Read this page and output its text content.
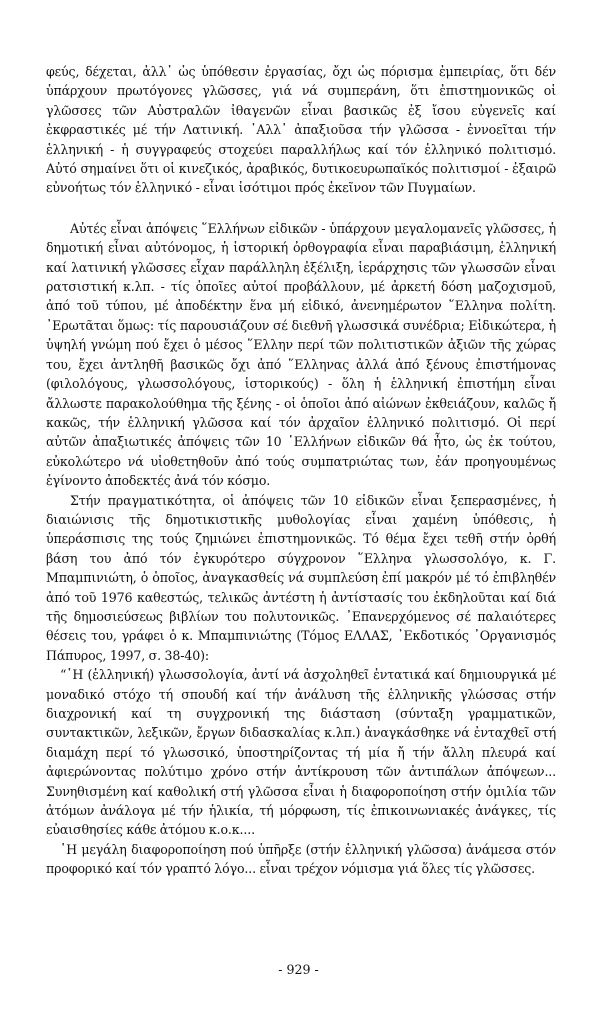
φεύς, δέχεται, ἀλλ᾽ ὡς ὑπόθεσιν ἐργασίας, ὄχι ὡς πόρισμα ἐμπειρίας, ὅτι δέν ὑπάρχουν πρωτόγονες γλῶσσες, γιά νά συμπεράνη, ὅτι ἐπιστημονικῶς οἱ γλῶσσες τῶν Αὐστραλῶν ἰθαγενῶν εἶναι βασικῶς ἐξ ἴσου εὐγενεῖς καί ἐκφραστικές μέ τήν Λατινική. ᾽Αλλ᾽ ἀπαξιοῦσα τήν γλῶσσα - ἐννοεῖται τήν ἑλληνική - ἡ συγγραφεύς στοχεύει παραλλήλως καί τόν ἑλληνικό πολιτισμό. Αὐτό σημαίνει ὅτι οἱ κινεζικός, ἀραβικός, δυτικοευρωπαϊκός πολιτισμοί - ἐξαιρῶ εὐνοήτως τόν ἑλληνικό - εἶναι ἰσότιμοι πρός ἐκεῖνον τῶν Πυγμαίων.

Αὐτές εἶναι ἀπόψεις ῞Ελλήνων εἰδικῶν - ὑπάρχουν μεγαλομανεῖς γλῶσσες, ἡ δημοτική εἶναι αὐτόνομος, ἡ ἱστορική ὀρθογραφία εἶναι παραβιάσιμη, ἑλληνική καί λατινική γλῶσσες εἶχαν παράλληλη ἐξέλιξη, ἱεράρχησις τῶν γλωσσῶν εἶναι ρατσιστική κ.λπ. - τίς ὁποῖες αὐτοί προβάλλουν, μέ ἀρκετή δόση μαζοχισμοῦ, ἀπό τοῦ τύπου, μέ ἀποδέκτην ἕνα μή εἰδικό, ἀνενημέρωτον ῞Ελληνα πολίτη. ᾽Ερωτᾶται ὅμως: τίς παρουσιάζουν σέ διεθνῆ γλωσσικά συνέδρια; Εἰδικώτερα, ἡ ὑψηλή γνώμη πού ἔχει ὁ μέσος ῞Ελλην περί τῶν πολιτιστικῶν ἀξιῶν τῆς χώρας του, ἔχει ἀντληθῆ βασικῶς ὄχι ἀπό ῞Ελληνας ἀλλά ἀπό ξένους ἐπιστήμονας (φιλολόγους, γλωσσολόγους, ἱστορικούς) - ὅλη ἡ ἑλληνική ἐπιστήμη εἶναι ἄλλωστε παρακολούθημα τῆς ξένης - οἱ ὁποῖοι ἀπό αἰώνων ἐκθειάζουν, καλῶς ἤ κακῶς, τήν ἑλληνική γλῶσσα καί τόν ἀρχαῖον ἑλληνικό πολιτισμό. Οἱ περί αὐτῶν ἀπαξιωτικές ἀπόψεις τῶν 10 ῾Ελλήνων εἰδικῶν θά ἦτο, ὡς ἐκ τούτου, εὐκολώτερο νά υἱοθετηθοῦν ἀπό τούς συμπατριώτας των, ἐάν προηγουμένως ἐγίνοντο ἀποδεκτές ἀνά τόν κόσμο.

Στήν πραγματικότητα, οἱ ἀπόψεις τῶν 10 εἰδικῶν εἶναι ξεπερασμένες, ἡ διαιώνισις τῆς δημοτικιστικῆς μυθολογίας εἶναι χαμένη ὑπόθεσις, ἡ ὑπεράσπισις της τούς ζημιώνει ἐπιστημονικῶς. Τό θέμα ἔχει τεθῆ στήν ὀρθή βάση του ἀπό τόν ἐγκυρότερο σύγχρονον ῞Ελληνα γλωσσολόγο, κ. Γ. Μπαμπινιώτη, ὁ ὁποῖος, ἀναγκασθείς νά συμπλεύση ἐπί μακρόν μέ τό ἐπιβληθέν ἀπό τοῦ 1976 καθεστώς, τελικῶς ἀντέστη ἡ ἀντίστασίς του ἐκδηλοῦται καί διά τῆς δημοσιεύσεως βιβλίων του πολυτονικῶς. ᾽Επανερχόμενος σέ παλαιότερες θέσεις του, γράφει ὁ κ. Μπαμπινιώτης (Τόμος ΕΛΛΑΣ, ᾽Εκδοτικός ᾽Οργανισμός Πάπυρος, 1997, σ. 38-40):

“῾Η (ἑλληνική) γλωσσολογία, ἀντί νά ἀσχοληθεῖ ἐντατικά καί δημιουργικά μέ μοναδικό στόχο τή σπουδή καί τήν ἀνάλυση τῆς ἑλληνικῆς γλώσσας στήν διαχρονική καί τη συγχρονική της διάσταση (σύνταξη γραμματικῶν, συντακτικῶν, λεξικῶν, ἔργων διδασκαλίας κ.λπ.) ἀναγκάσθηκε νά ἐνταχθεῖ στή διαμάχη περί τό γλωσσικό, ὑποστηρίζοντας τή μία ἤ τήν ἄλλη πλευρά καί ἀφιερώνοντας πολύτιμο χρόνο στήν ἀντίκρουση τῶν ἀντιπάλων ἀπόψεων... Συνηθισμένη καί καθολική στή γλῶσσα εἶναι ἡ διαφοροποίηση στήν ὁμιλία τῶν ἀτόμων ἀνάλογα μέ τήν ἡλικία, τή μόρφωση, τίς ἐπικοινωνιακές ἀνάγκες, τίς εὐαισθησίες κάθε ἀτόμου κ.ο.κ....

῾Η μεγάλη διαφοροποίηση πού ὑπῆρξε (στήν ἑλληνική γλῶσσα) ἀνάμεσα στόν προφορικό καί τόν γραπτό λόγο... εἶναι τρέχον νόμισμα γιά ὅλες τίς γλῶσσες.

- 929 -
